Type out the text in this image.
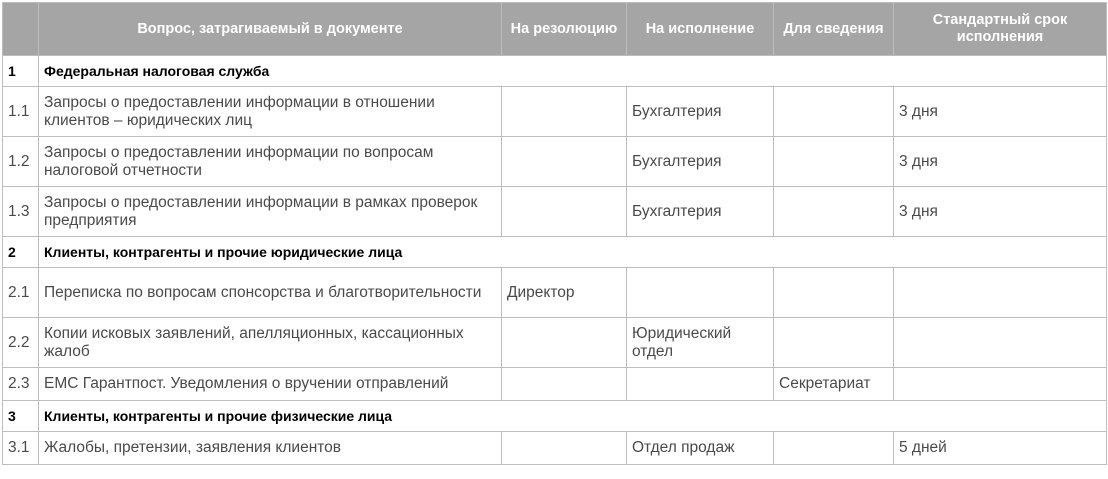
	Вопрос, затрагиваемый в документе	На резолюцию	На исполнение	Для сведения	Стандартный срок исполнения
1	Федеральная налоговая служба				
1.1	Запросы о предоставлении информации в отношении клиентов – юридических лиц		Бухгалтерия		3 дня
1.2	Запросы о предоставлении информации по вопросам налоговой отчетности		Бухгалтерия		3 дня
1.3	Запросы о предоставлении информации в рамках проверок предприятия		Бухгалтерия		3 дня
2	Клиенты, контрагенты и прочие юридические лица				
2.1	Переписка по вопросам спонсорства и благотворительности	Директор			
2.2	Копии исковых заявлений, апелляционных, кассационных жалоб		Юридический отдел		
2.3	ЕМС Гарантпост. Уведомления о вручении отправлений			Секретариат	
3	Клиенты, контрагенты и прочие физические лица				
3.1	Жалобы, претензии, заявления клиентов		Отдел продаж		5 дней
